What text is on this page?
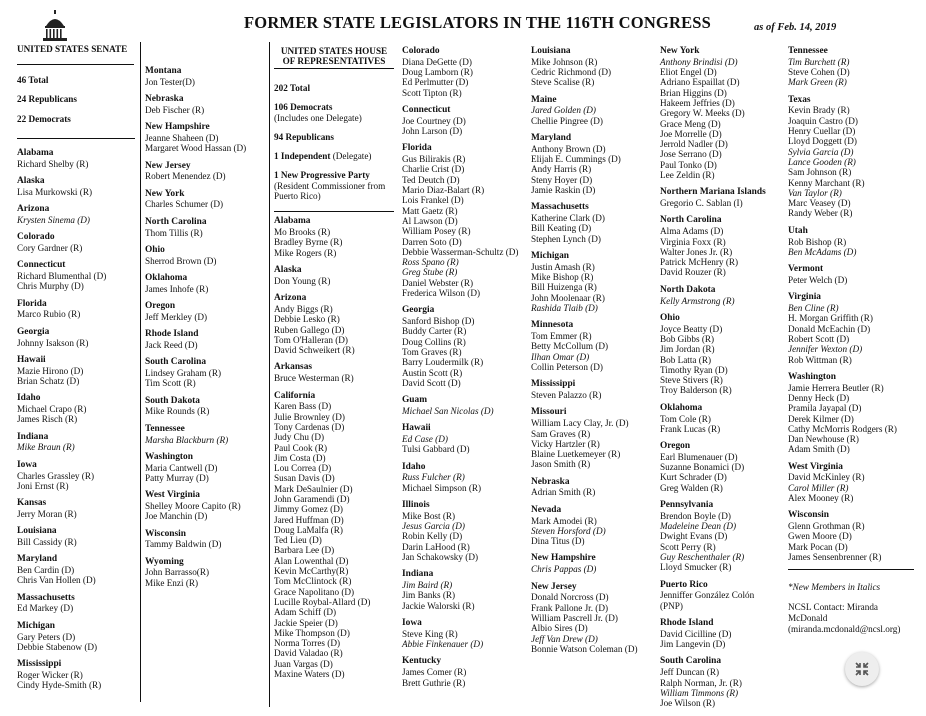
FORMER STATE LEGISLATORS IN THE 116TH CONGRESS	as of Feb. 14, 2019
UNITED STATES SENATE
46 Total
24 Republicans
22 Democrats
Alabama
Richard Shelby (R)
Alaska
Lisa Murkowski (R)
Arizona
Krysten Sinema (D)
Colorado
Cory Gardner (R)
Connecticut
Richard Blumenthal (D)
Chris Murphy (D)
Florida
Marco Rubio (R)
Georgia
Johnny Isakson (R)
Hawaii
Mazie Hirono (D)
Brian Schatz (D)
Idaho
Michael Crapo (R)
James Risch (R)
Indiana
Mike Braun (R)
Iowa
Charles Grassley (R)
Joni Ernst (R)
Kansas
Jerry Moran (R)
Louisiana
Bill Cassidy (R)
Maryland
Ben Cardin (D)
Chris Van Hollen (D)
Massachusetts
Ed Markey (D)
Michigan
Gary Peters (D)
Debbie Stabenow (D)
Mississippi
Roger Wicker (R)
Cindy Hyde-Smith (R)
Montana
Jon Tester(D)
Nebraska
Deb Fischer (R)
New Hampshire
Jeanne Shaheen (D)
Margaret Wood Hassan (D)
New Jersey
Robert Menendez (D)
New York
Charles Schumer (D)
North Carolina
Thom Tillis (R)
Ohio
Sherrod Brown (D)
Oklahoma
James Inhofe (R)
Oregon
Jeff Merkley (D)
Rhode Island
Jack Reed (D)
South Carolina
Lindsey Graham (R)
Tim Scott (R)
South Dakota
Mike Rounds (R)
Tennessee
Marsha Blackburn (R)
Washington
Maria Cantwell (D)
Patty Murray (D)
West Virginia
Shelley Moore Capito (R)
Joe Manchin (D)
Wisconsin
Tammy Baldwin (D)
Wyoming
John Barrasso(R)
Mike Enzi (R)
UNITED STATES HOUSE
OF REPRESENTATIVES
202 Total
106 Democrats
(Includes one Delegate)
94 Republicans
1 Independent (Delegate)
1 New Progressive Party
(Resident Commissioner from Puerto Rico)
Alabama
Mo Brooks (R)
Bradley Byrne (R)
Mike Rogers (R)
Alaska
Don Young (R)
Arizona
Andy Biggs (R)
Debbie Lesko (R)
Ruben Gallego (D)
Tom O'Halleran (D)
David Schweikert (R)
Arkansas
Bruce Westerman (R)
California
Karen Bass (D)
Julie Brownley (D)
Tony Cardenas (D)
Judy Chu (D)
Paul Cook (R)
Jim Costa (D)
Lou Correa (D)
Susan Davis (D)
Mark DeSaulnier (D)
John Garamendi (D)
Jimmy Gomez (D)
Jared Huffman (D)
Doug LaMalfa (R)
Ted Lieu (D)
Barbara Lee (D)
Alan Lowenthal (D)
Kevin McCarthy(R)
Tom McClintock (R)
Grace Napolitano (D)
Lucille Roybal-Allard (D)
Adam Schiff (D)
Jackie Speier (D)
Mike Thompson (D)
Norma Torres (D)
David Valadao (R)
Juan Vargas (D)
Maxine Waters (D)
Colorado
Diana DeGette (D)
Doug Lamborn (R)
Ed Perlmutter (D)
Scott Tipton (R)
Connecticut
Joe Courtney (D)
John Larson (D)
Florida
Gus Bilirakis (R)
Charlie Crist (D)
Ted Deutch (D)
Mario Diaz-Balart (R)
Lois Frankel (D)
Matt Gaetz (R)
Al Lawson (D)
William Posey (R)
Darren Soto (D)
Debbie Wasserman-Schultz (D)
Ross Spano (R)
Greg Stube (R)
Daniel Webster (R)
Frederica Wilson (D)
Georgia
Sanford Bishop (D)
Buddy Carter (R)
Doug Collins (R)
Tom Graves (R)
Barry Loudermilk (R)
Austin Scott (R)
David Scott (D)
Guam
Michael San Nicolas (D)
Hawaii
Ed Case (D)
Tulsi Gabbard (D)
Idaho
Russ Fulcher (R)
Michael Simpson (R)
Illinois
Mike Bost (R)
Jesus Garcia (D)
Robin Kelly (D)
Darin LaHood (R)
Jan Schakowsky (D)
Indiana
Jim Baird (R)
Jim Banks (R)
Jackie Walorski (R)
Iowa
Steve King (R)
Abbie Finkenauer (D)
Kentucky
James Comer (R)
Brett Guthrie (R)
Louisiana
Mike Johnson (R)
Cedric Richmond (D)
Steve Scalise (R)
Maine
Jared Golden (D)
Chellie Pingree (D)
Maryland
Anthony Brown (D)
Elijah E. Cummings (D)
Andy Harris (R)
Steny Hoyer (D)
Jamie Raskin (D)
Massachusetts
Katherine Clark (D)
Bill Keating (D)
Stephen Lynch (D)
Michigan
Justin Amash (R)
Mike Bishop (R)
Bill Huizenga (R)
John Moolenaar (R)
Rashida Tlaib (D)
Minnesota
Tom Emmer (R)
Betty McCollum (D)
Ilhan Omar (D)
Collin Peterson (D)
Mississippi
Steven Palazzo (R)
Missouri
William Lacy Clay, Jr. (D)
Sam Graves (R)
Vicky Hartzler (R)
Blaine Luetkemeyer (R)
Jason Smith (R)
Nebraska
Adrian Smith (R)
Nevada
Mark Amodei (R)
Steven Horsford (D)
Dina Titus (D)
New Hampshire
Chris Pappas (D)
New Jersey
Donald Norcross (D)
Frank Pallone Jr. (D)
William Pascrell Jr. (D)
Albio Sires (D)
Jeff Van Drew (D)
Bonnie Watson Coleman (D)
New York
Anthony Brindisi (D)
Eliot Engel (D)
Adriano Espaillat (D)
Brian Higgins (D)
Hakeem Jeffries (D)
Gregory W. Meeks (D)
Grace Meng (D)
Joe Morrelle (D)
Jerrold Nadler (D)
Jose Serrano (D)
Paul Tonko (D)
Lee Zeldin (R)
Northern Mariana Islands
Gregorio C. Sablan (I)
North Carolina
Alma Adams (D)
Virginia Foxx (R)
Walter Jones Jr. (R)
Patrick McHenry (R)
David Rouzer (R)
North Dakota
Kelly Armstrong (R)
Ohio
Joyce Beatty (D)
Bob Gibbs (R)
Jim Jordan (R)
Bob Latta (R)
Timothy Ryan (D)
Steve Stivers (R)
Troy Balderson (R)
Oklahoma
Tom Cole (R)
Frank Lucas (R)
Oregon
Earl Blumenauer (D)
Suzanne Bonamici (D)
Kurt Schrader (D)
Greg Walden (R)
Pennsylvania
Brendon Boyle (D)
Madeleine Dean (D)
Dwight Evans (D)
Scott Perry (R)
Guy Reschenthaler (R)
Lloyd Smucker (R)
Puerto Rico
Jenniffer González Colón
(PNP)
Rhode Island
David Cicilline (D)
Jim Langevin (D)
South Carolina
Jeff Duncan (R)
Ralph Norman, Jr. (R)
William Timmons (R)
Joe Wilson (R)
Tennessee
Tim Burchett (R)
Steve Cohen (D)
Mark Green (R)
Texas
Kevin Brady (R)
Joaquin Castro (D)
Henry Cuellar (D)
Lloyd Doggett (D)
Sylvia Garcia (D)
Lance Gooden (R)
Sam Johnson (R)
Kenny Marchant (R)
Van Taylor (R)
Marc Veasey (D)
Randy Weber (R)
Utah
Rob Bishop (R)
Ben McAdams (D)
Vermont
Peter Welch (D)
Virginia
Ben Cline (R)
H. Morgan Griffith (R)
Donald McEachin (D)
Robert Scott (D)
Jennifer Wexton (D)
Rob Wittman (R)
Washington
Jamie Herrera Beutler (R)
Denny Heck (D)
Pramila Jayapal (D)
Derek Kilmer (D)
Cathy McMorris Rodgers (R)
Dan Newhouse (R)
Adam Smith (D)
West Virginia
David McKinley (R)
Carol Miller (R)
Alex Mooney (R)
Wisconsin
Glenn Grothman (R)
Gwen Moore (D)
Mark Pocan (D)
James Sensenbrenner (R)
*New Members in Italics
NCSL Contact: Miranda McDonald (miranda.mcdonald@ncsl.org)
